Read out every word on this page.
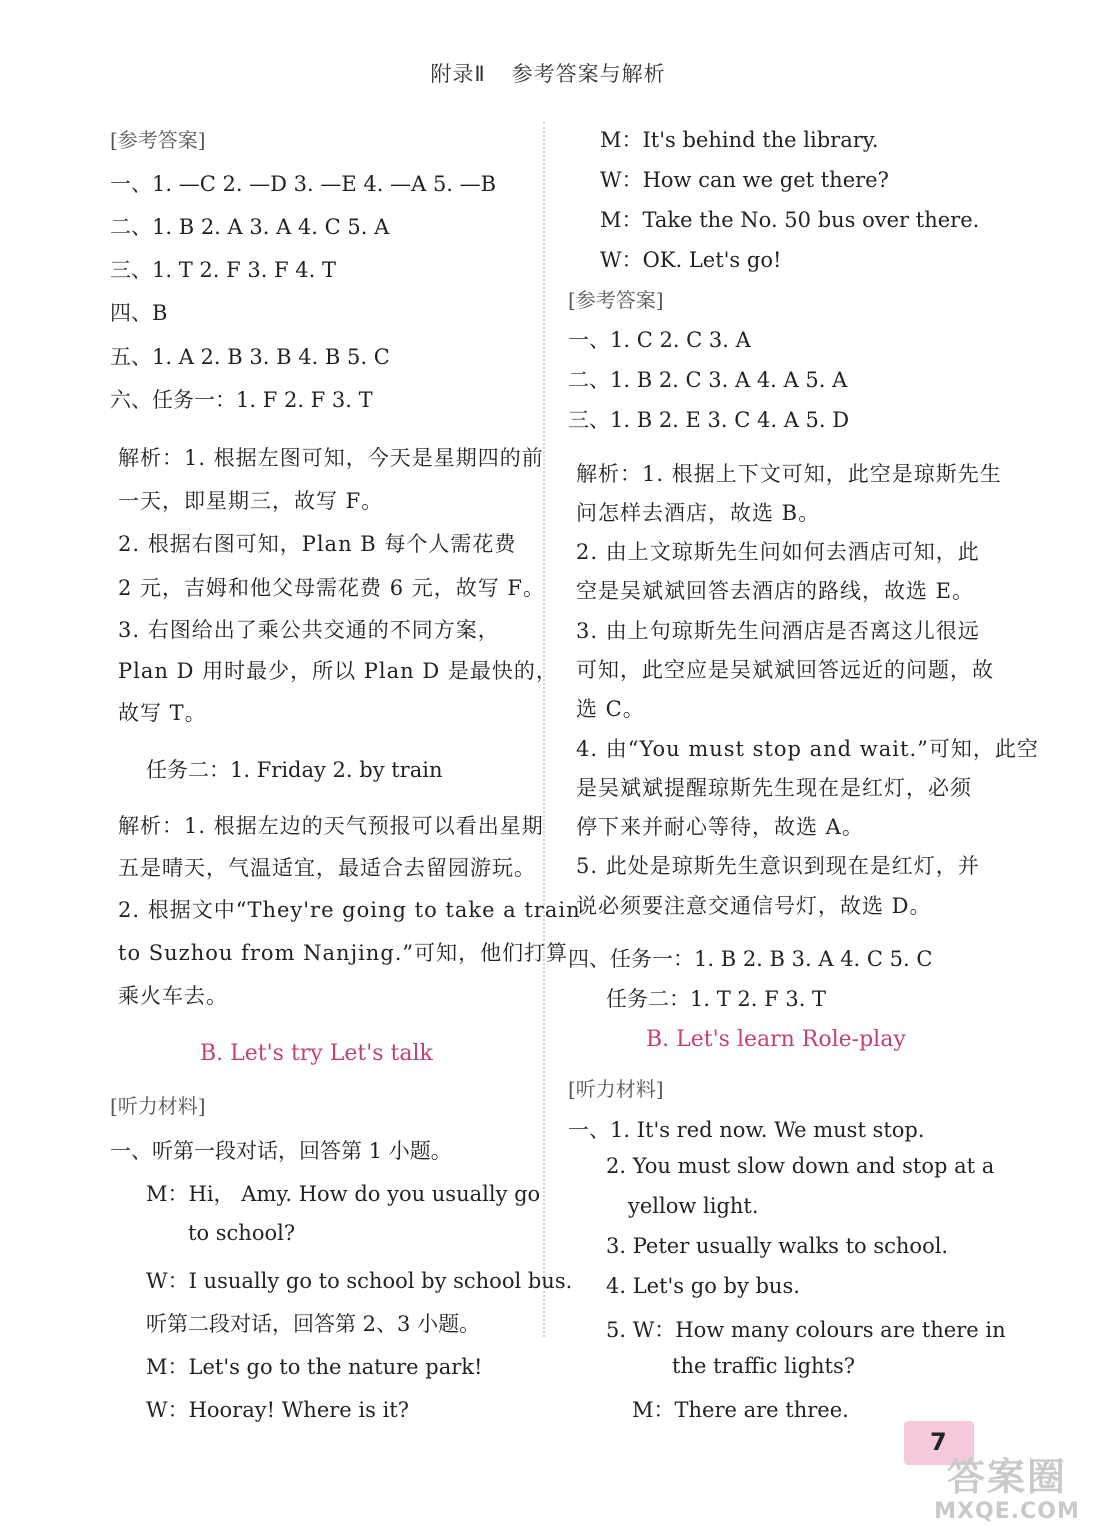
附录Ⅱ 参考答案与解析
[参考答案]
一、1. —C 2. —D 3. —E 4. —A 5. —B
二、1. B 2. A 3. A 4. C 5. A
三、1. T 2. F 3. F 4. T
四、B
五、1. A 2. B 3. B 4. B 5. C
六、任务一：1. F 2. F 3. T
解析：1. 根据左图可知，今天是星期四的前
一天，即星期三，故写 F。
2. 根据右图可知，Plan B 每个人需花费
2 元，吉姆和他父母需花费 6 元，故写 F。
3. 右图给出了乘公共交通的不同方案，
Plan D 用时最少，所以 Plan D 是最快的，
故写 T。
任务二：1. Friday 2. by train
解析：1. 根据左边的天气预报可以看出星期
五是晴天，气温适宜，最适合去留园游玩。
2. 根据文中“They're going to take a train
to Suzhou from Nanjing.”可知，他们打算
乘火车去。
B. Let's try Let's talk
[听力材料]
一、听第一段对话，回答第 1 小题。
M：Hi， Amy. How do you usually go
to school?
W：I usually go to school by school bus.
听第二段对话，回答第 2、3 小题。
M：Let's go to the nature park!
W：Hooray! Where is it?
M：It's behind the library.
W：How can we get there?
M：Take the No. 50 bus over there.
W：OK. Let's go!
[参考答案]
一、1. C 2. C 3. A
二、1. B 2. C 3. A 4. A 5. A
三、1. B 2. E 3. C 4. A 5. D
解析：1. 根据上下文可知，此空是琼斯先生
问怎样去酒店，故选 B。
2. 由上文琼斯先生问如何去酒店可知，此
空是吴斌斌回答去酒店的路线，故选 E。
3. 由上句琼斯先生问酒店是否离这儿很远
可知，此空应是吴斌斌回答远近的问题，故
选 C。
4. 由“You must stop and wait.”可知，此空
是吴斌斌提醒琼斯先生现在是红灯，必须
停下来并耐心等待，故选 A。
5. 此处是琼斯先生意识到现在是红灯，并
说必须要注意交通信号灯，故选 D。
四、任务一：1. B 2. B 3. A 4. C 5. C
任务二：1. T 2. F 3. T
B. Let's learn Role-play
[听力材料]
一、1. It's red now. We must stop.
2. You must slow down and stop at a
yellow light.
3. Peter usually walks to school.
4. Let's go by bus.
5. W：How many colours are there in
the traffic lights?
M：There are three.
7
答案圈
MXQE.COM
